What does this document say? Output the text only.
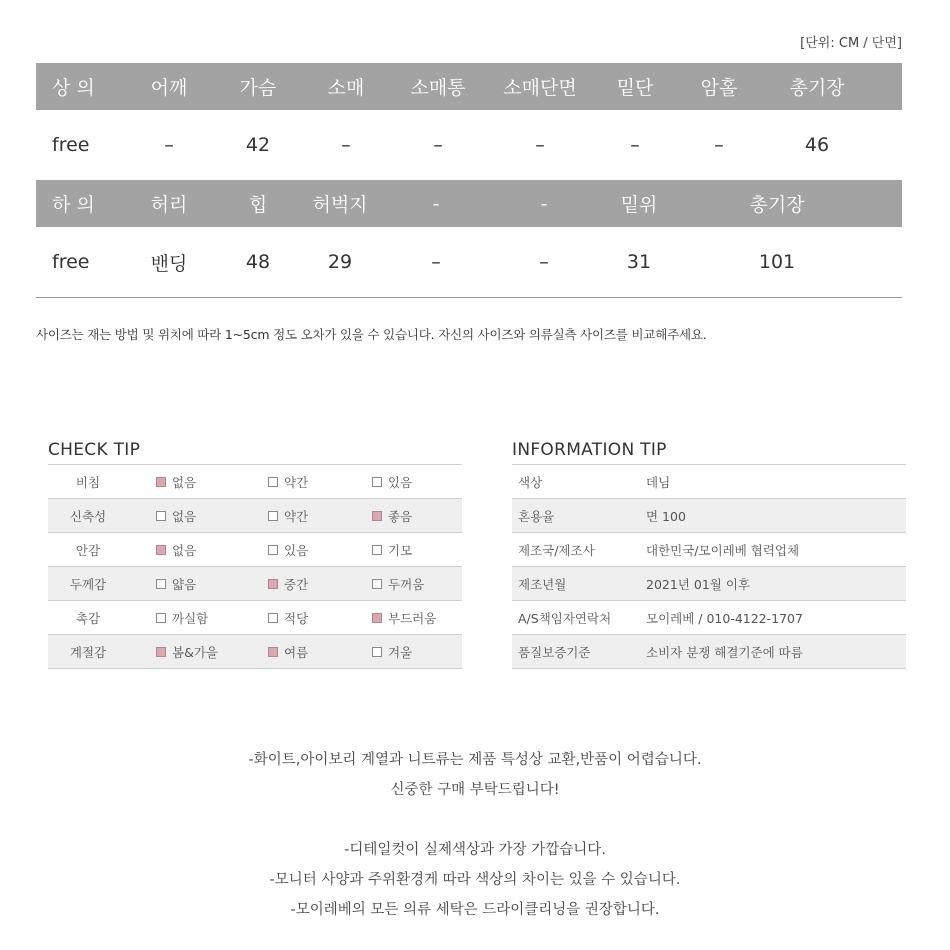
[단위: CM / 단면]
상 의	어깨	가슴	소매	소매통	소매단면	밑단	암홀	총기장
free	–	42	–	–	–	–	–	46
하 의	허리	힙	허벅지	-	-	밑위	총기장
free	밴딩	48	29	–	–	31	101
사이즈는 재는 방법 및 위치에 따라 1~5cm 정도 오차가 있을 수 있습니다. 자신의 사이즈와 의류실측 사이즈를 비교해주세요.
CHECK TIP
비침	없음	약간	있음
신축성	없음	약간	좋음
안감	없음	있음	기모
두께감	얇음	중간	두꺼움
촉감	까실함	적당	부드러움
계절감	봄&가을	여름	겨울
INFORMATION TIP
색상	데님
혼용율	면 100
제조국/제조사	대한민국/모이레베 협력업체
제조년월	2021년 01월 이후
A/S책임자연락처	모이레베 / 010-4122-1707
품질보증기준	소비자 분쟁 해결기준에 따름
-화이트,아이보리 계열과 니트류는 제품 특성상 교환,반품이 어렵습니다.
신중한 구매 부탁드립니다!
-디테일컷이 실제색상과 가장 가깝습니다.
-모니터 사양과 주위환경게 따라 색상의 차이는 있을 수 있습니다.
-모이레베의 모든 의류 세탁은 드라이클리닝을 권장합니다.
